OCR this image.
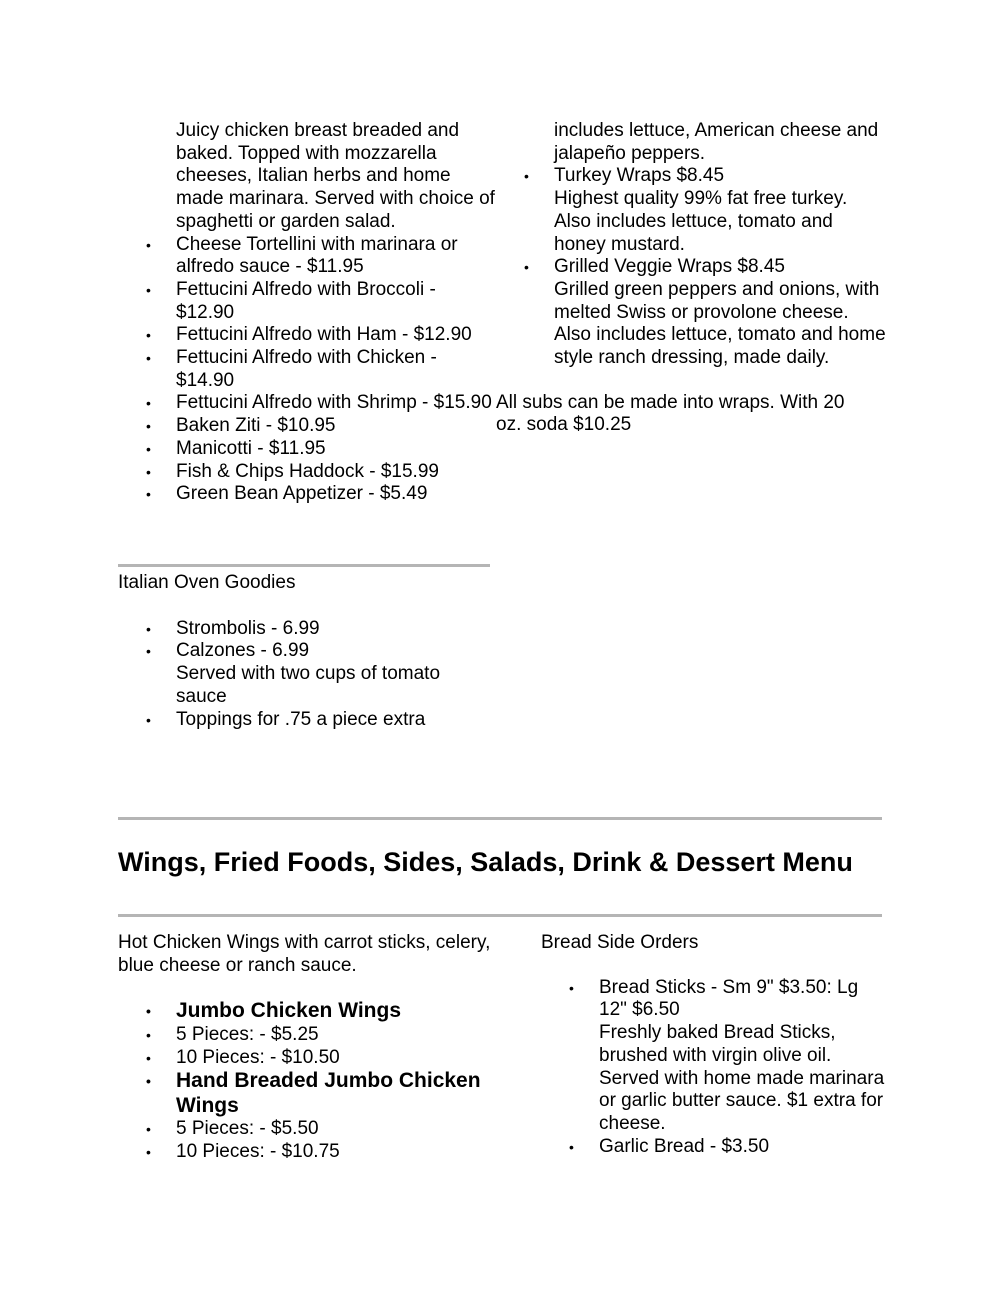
Juicy chicken breast breaded and baked. Topped with mozzarella cheeses, Italian herbs and home made marinara. Served with choice of spaghetti or garden salad.
• Cheese Tortellini with marinara or alfredo sauce - $11.95
• Fettucini Alfredo with Broccoli - $12.90
• Fettucini Alfredo with Ham - $12.90
• Fettucini Alfredo with Chicken - $14.90
• Fettucini Alfredo with Shrimp - $15.90
• Baken Ziti - $10.95
• Manicotti - $11.95
• Fish & Chips Haddock - $15.99
• Green Bean Appetizer - $5.49

Italian Oven Goodies

• Strombolis - 6.99
• Calzones - 6.99
Served with two cups of tomato sauce
• Toppings for .75 a piece extra
includes lettuce, American cheese and jalapeño peppers.
• Turkey Wraps $8.45
Highest quality 99% fat free turkey. Also includes lettuce, tomato and honey mustard.
• Grilled Veggie Wraps $8.45
Grilled green peppers and onions, with melted Swiss or provolone cheese. Also includes lettuce, tomato and home style ranch dressing, made daily.

All subs can be made into wraps. With 20 oz. soda $10.25

Wings, Fried Foods, Sides, Salads, Drink & Dessert Menu

Hot Chicken Wings with carrot sticks, celery, blue cheese or ranch sauce.

• Jumbo Chicken Wings
• 5 Pieces: - $5.25
• 10 Pieces: - $10.50
• Hand Breaded Jumbo Chicken Wings
• 5 Pieces: - $5.50
• 10 Pieces: - $10.75

Bread Side Orders

• Bread Sticks - Sm 9" $3.50: Lg 12" $6.50
Freshly baked Bread Sticks, brushed with virgin olive oil. Served with home made marinara or garlic butter sauce. $1 extra for cheese.
• Garlic Bread - $3.50
